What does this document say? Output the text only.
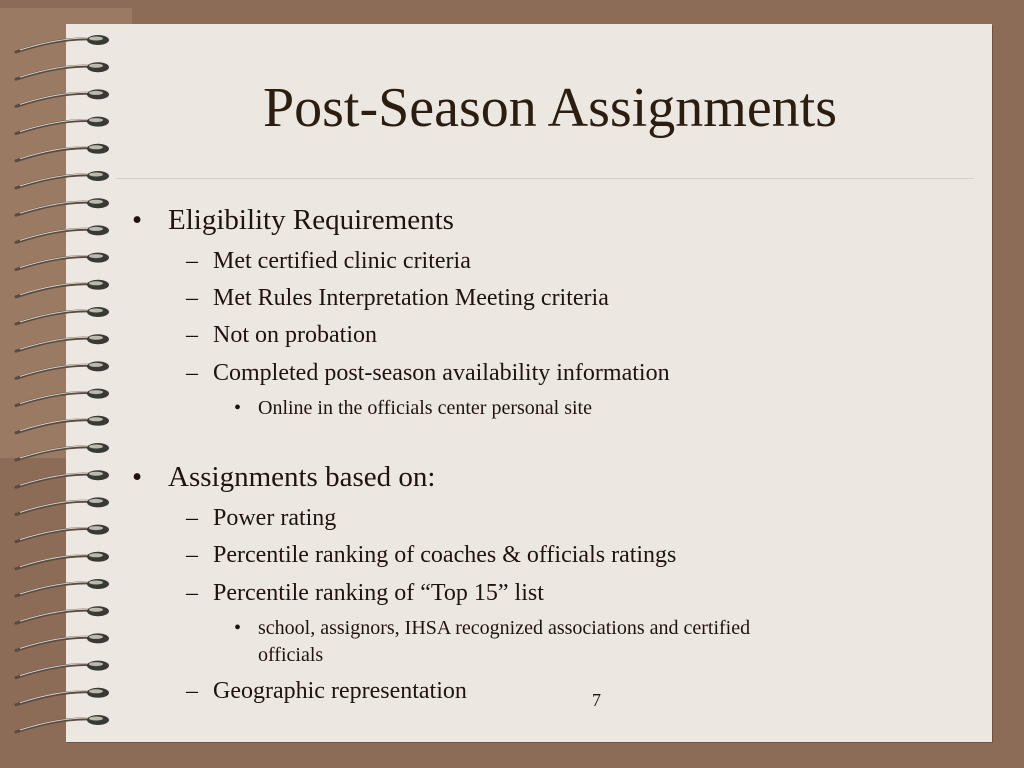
Post-Season Assignments
• Eligibility Requirements
– Met certified clinic criteria
– Met Rules Interpretation Meeting criteria
– Not on probation
– Completed post-season availability information
• Online in the officials center personal site
• Assignments based on:
– Power rating
– Percentile ranking of coaches & officials ratings
– Percentile ranking of “Top 15” list
• school, assignors, IHSA recognized associations and certified
officials
– Geographic representation	7
